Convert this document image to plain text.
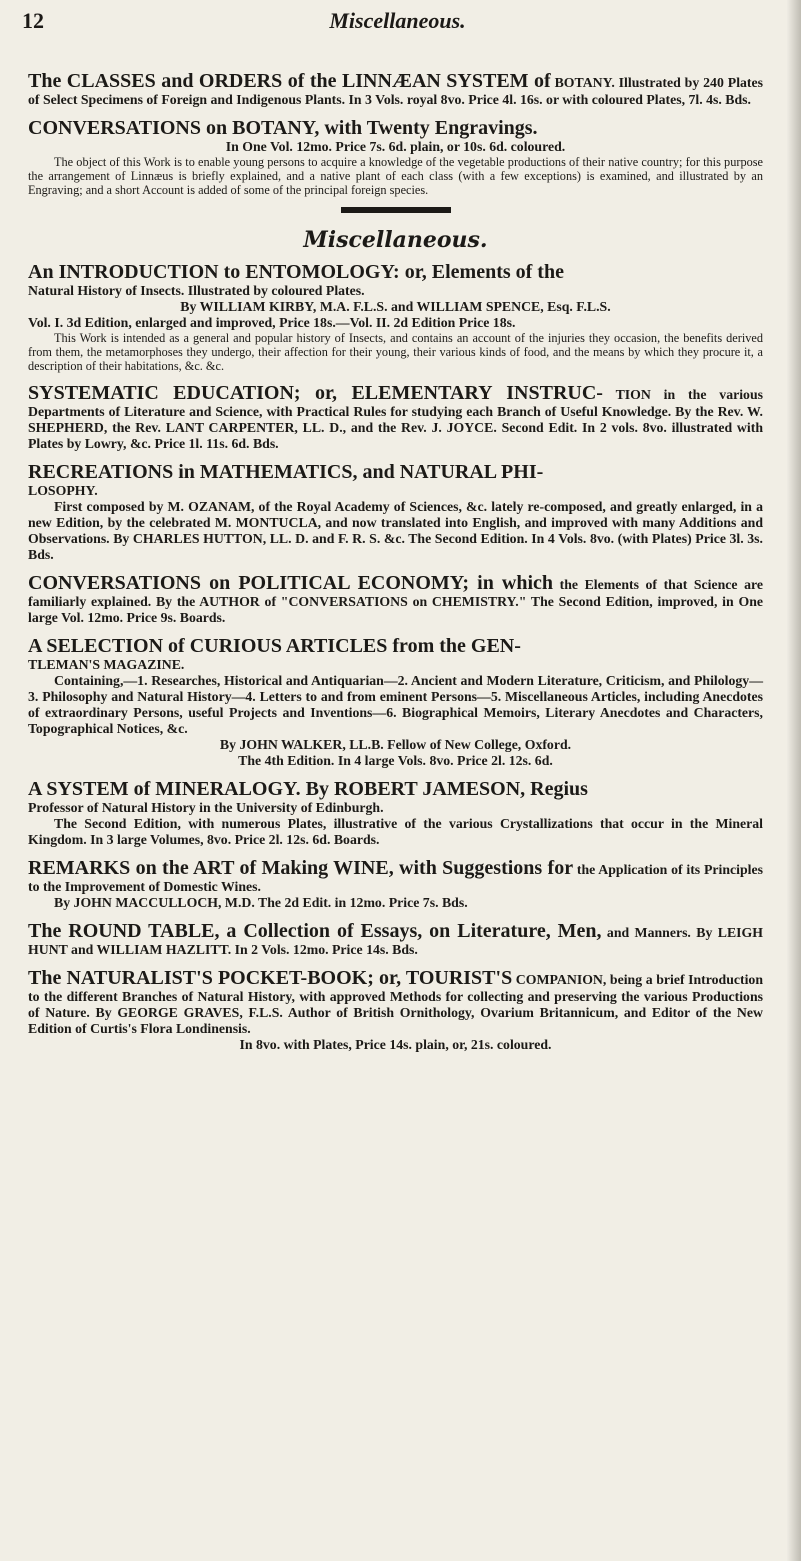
12	Miscellaneous.

The CLASSES and ORDERS of the LINNÆAN SYSTEM of BOTANY. Illustrated by 240 Plates of Select Specimens of Foreign and Indigenous Plants. In 3 Vols. royal 8vo. Price 4l. 16s. or with coloured Plates, 7l. 4s. Bds.

CONVERSATIONS on BOTANY, with Twenty Engravings.

In One Vol. 12mo. Price 7s. 6d. plain, or 10s. 6d. coloured.

The object of this Work is to enable young persons to acquire a knowledge of the vegetable productions of their native country; for this purpose the arrangement of Linnæus is briefly explained, and a native plant of each class (with a few exceptions) is examined, and illustrated by an Engraving; and a short Account is added of some of the principal foreign species.

Miscellaneous.

An INTRODUCTION to ENTOMOLOGY: or, Elements of the

Natural History of Insects. Illustrated by coloured Plates.

By WILLIAM KIRBY, M.A. F.L.S. and WILLIAM SPENCE, Esq. F.L.S.

Vol. I. 3d Edition, enlarged and improved, Price 18s.—Vol. II. 2d Edition Price 18s.

This Work is intended as a general and popular history of Insects, and contains an account of the injuries they occasion, the benefits derived from them, the metamorphoses they undergo, their affection for their young, their various kinds of food, and the means by which they procure it, a description of their habitations, &c. &c.

SYSTEMATIC EDUCATION; or, ELEMENTARY INSTRUC- TION in the various Departments of Literature and Science, with Practical Rules for studying each Branch of Useful Knowledge. By the Rev. W. SHEPHERD, the Rev. LANT CARPENTER, LL. D., and the Rev. J. JOYCE. Second Edit. In 2 vols. 8vo. illustrated with Plates by Lowry, &c. Price 1l. 11s. 6d. Bds.

RECREATIONS in MATHEMATICS, and NATURAL PHI-

LOSOPHY.

First composed by M. OZANAM, of the Royal Academy of Sciences, &c. lately re-composed, and greatly enlarged, in a new Edition, by the celebrated M. MONTUCLA, and now translated into English, and improved with many Additions and Observations. By CHARLES HUTTON, LL. D. and F. R. S. &c. The Second Edition. In 4 Vols. 8vo. (with Plates) Price 3l. 3s. Bds.

CONVERSATIONS on POLITICAL ECONOMY; in which the Elements of that Science are familiarly explained. By the AUTHOR of "CONVERSATIONS on CHEMISTRY." The Second Edition, improved, in One large Vol. 12mo. Price 9s. Boards.

A SELECTION of CURIOUS ARTICLES from the GEN-

TLEMAN'S MAGAZINE.

Containing,—1. Researches, Historical and Antiquarian—2. Ancient and Modern Literature, Criticism, and Philology—3. Philosophy and Natural History—4. Letters to and from eminent Persons—5. Miscellaneous Articles, including Anecdotes of extraordinary Persons, useful Projects and Inventions—6. Biographical Memoirs, Literary Anecdotes and Characters, Topographical Notices, &c.

By JOHN WALKER, LL.B. Fellow of New College, Oxford.

The 4th Edition. In 4 large Vols. 8vo. Price 2l. 12s. 6d.

A SYSTEM of MINERALOGY. By ROBERT JAMESON, Regius

Professor of Natural History in the University of Edinburgh.

The Second Edition, with numerous Plates, illustrative of the various Crystallizations that occur in the Mineral Kingdom. In 3 large Volumes, 8vo. Price 2l. 12s. 6d. Boards.

REMARKS on the ART of Making WINE, with Suggestions for the Application of its Principles to the Improvement of Domestic Wines.

By JOHN MACCULLOCH, M.D. The 2d Edit. in 12mo. Price 7s. Bds.

The ROUND TABLE, a Collection of Essays, on Literature, Men, and Manners. By LEIGH HUNT and WILLIAM HAZLITT. In 2 Vols. 12mo. Price 14s. Bds.

The NATURALIST'S POCKET-BOOK; or, TOURIST'S COMPANION, being a brief Introduction to the different Branches of Natural History, with approved Methods for collecting and preserving the various Productions of Nature. By GEORGE GRAVES, F.L.S. Author of British Ornithology, Ovarium Britannicum, and Editor of the New Edition of Curtis's Flora Londinensis.

In 8vo. with Plates, Price 14s. plain, or, 21s. coloured.
